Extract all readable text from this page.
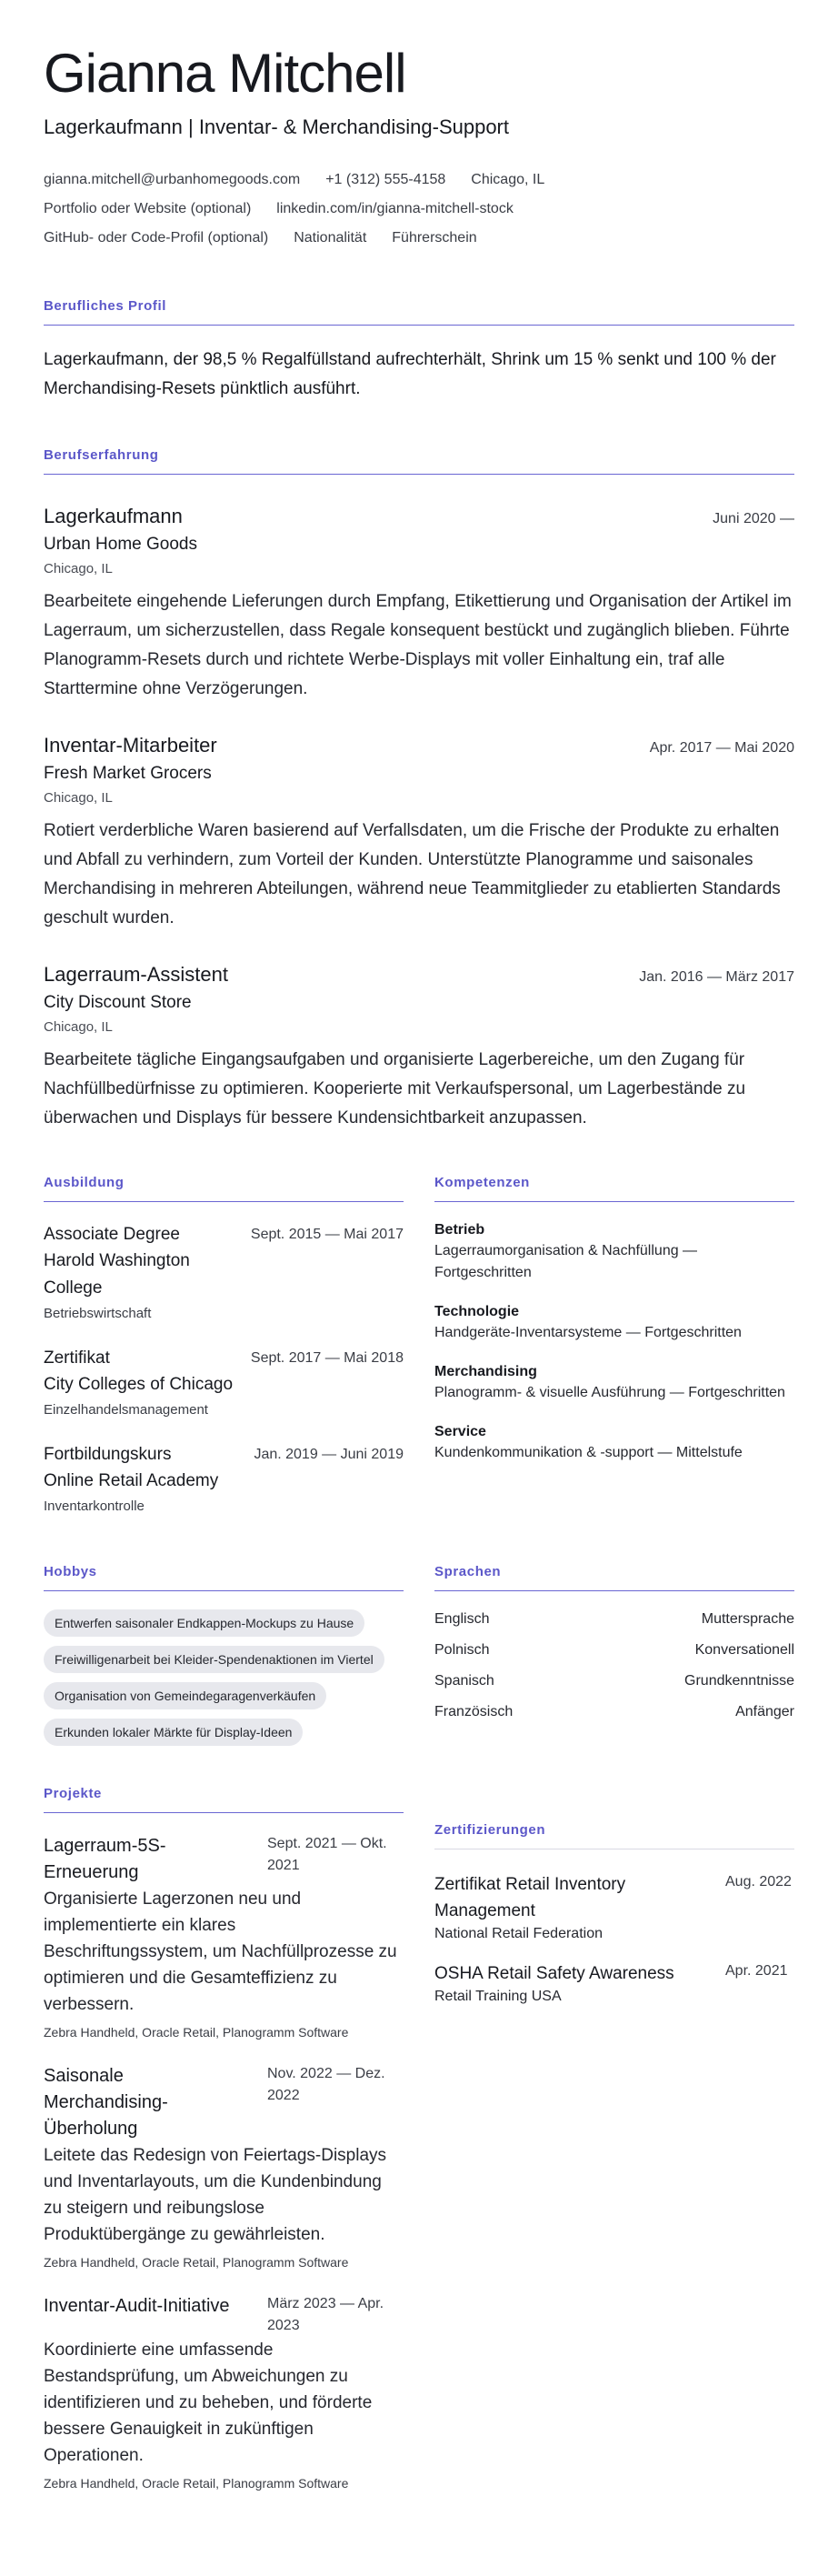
Gianna Mitchell
Lagerkaufmann | Inventar- & Merchandising-Support
gianna.mitchell@urbanhomegoods.com +1 (312) 555-4158 Chicago, IL
Portfolio oder Website (optional) linkedin.com/in/gianna-mitchell-stock
GitHub- oder Code-Profil (optional) Nationalität Führerschein
Berufliches Profil

Lagerkaufmann, der 98,5 % Regalfüllstand aufrechterhält, Shrink um 15 % senkt und 100 % der Merchandising-Resets pünktlich ausführt.

Berufserfahrung
Lagerkaufmann	Juni 2020 —
Urban Home Goods
Chicago, IL

Bearbeitete eingehende Lieferungen durch Empfang, Etikettierung und Organisation der Artikel im Lagerraum, um sicherzustellen, dass Regale konsequent bestückt und zugänglich blieben. Führte Planogramm-Resets durch und richtete Werbe-Displays mit voller Einhaltung ein, traf alle Starttermine ohne Verzögerungen.

Inventar-Mitarbeiter	Apr. 2017 — Mai 2020
Fresh Market Grocers
Chicago, IL

Rotiert verderbliche Waren basierend auf Verfallsdaten, um die Frische der Produkte zu erhalten und Abfall zu verhindern, zum Vorteil der Kunden. Unterstützte Planogramme und saisonales Merchandising in mehreren Abteilungen, während neue Teammitglieder zu etablierten Standards geschult wurden.

Lagerraum-Assistent	Jan. 2016 — März 2017
City Discount Store
Chicago, IL

Bearbeitete tägliche Eingangsaufgaben und organisierte Lagerbereiche, um den Zugang für Nachfüllbedürfnisse zu optimieren. Kooperierte mit Verkaufspersonal, um Lagerbestände zu überwachen und Displays für bessere Kundensichtbarkeit anzupassen.

Ausbildung
Associate Degree
Harold Washington College
Betriebswirtschaft
Sept. 2015 — Mai 2017
Zertifikat
City Colleges of Chicago
Einzelhandelsmanagement
Sept. 2017 — Mai 2018
Fortbildungskurs
Online Retail Academy
Inventarkontrolle
Jan. 2019 — Juni 2019
Kompetenzen
Betrieb
Lagerraumorganisation & Nachfüllung — Fortgeschritten
Technologie
Handgeräte-Inventarsysteme — Fortgeschritten
Merchandising
Planogramm- & visuelle Ausführung — Fortgeschritten
Service
Kundenkommunikation & -support — Mittelstufe
Hobbys
Entwerfen saisonaler Endkappen-Mockups zu Hause
Freiwilligenarbeit bei Kleider-Spendenaktionen im Viertel
Organisation von Gemeindegaragenverkäufen
Erkunden lokaler Märkte für Display-Ideen
Sprachen
Englisch	Muttersprache
Polnisch	Konversationell
Spanisch	Grundkenntnisse
Französisch	Anfänger
Projekte
Lagerraum-5S-Erneuerung
Sept. 2021 — Okt. 2021

Organisierte Lagerzonen neu und implementierte ein klares Beschriftungssystem, um Nachfüllprozesse zu optimieren und die Gesamteffizienz zu verbessern.

Zebra Handheld, Oracle Retail, Planogramm Software
Saisonale Merchandising-Überholung
Nov. 2022 — Dez. 2022

Leitete das Redesign von Feiertags-Displays und Inventarlayouts, um die Kundenbindung zu steigern und reibungslose Produktübergänge zu gewährleisten.

Zebra Handheld, Oracle Retail, Planogramm Software
Inventar-Audit-Initiative	März 2023 — Apr. 2023

Koordinierte eine umfassende Bestandsprüfung, um Abweichungen zu identifizieren und zu beheben, und förderte bessere Genauigkeit in zukünftigen Operationen.

Zebra Handheld, Oracle Retail, Planogramm Software
Zertifizierungen
Zertifikat Retail Inventory Management
National Retail Federation
Aug. 2022
OSHA Retail Safety Awareness
Retail Training USA
Apr. 2021
